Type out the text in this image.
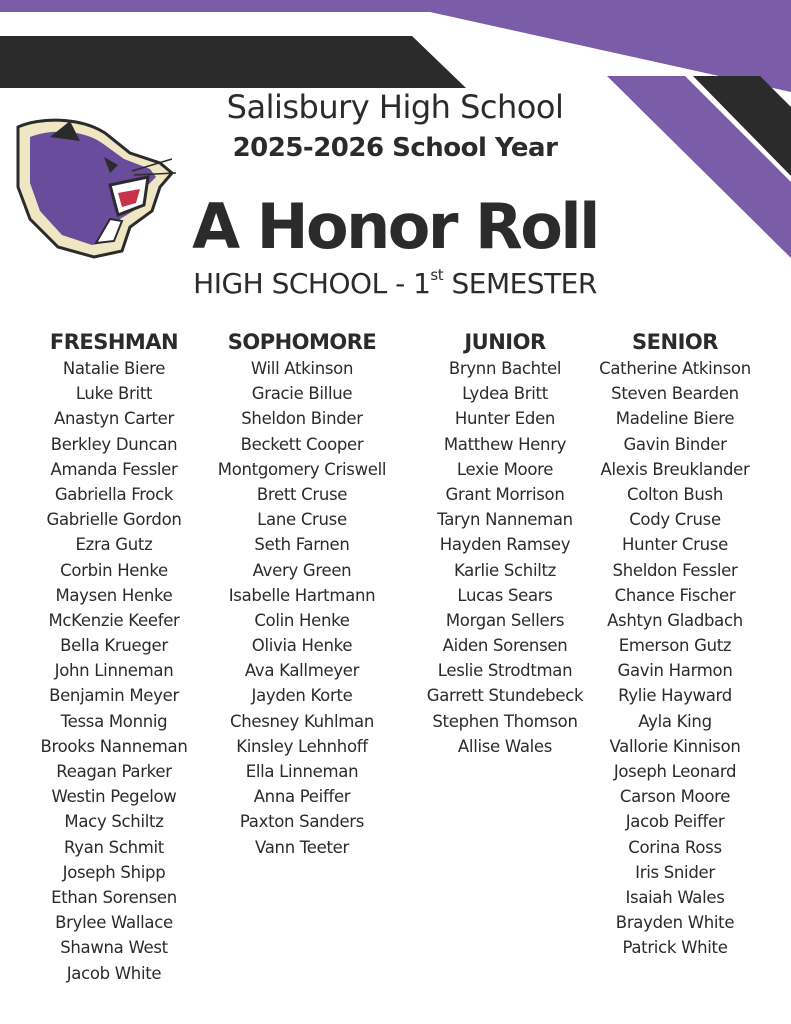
Salisbury High School
2025-2026 School Year
A Honor Roll
HIGH SCHOOL - 1st SEMESTER
FRESHMAN
Natalie Biere
Luke Britt
Anastyn Carter
Berkley Duncan
Amanda Fessler
Gabriella Frock
Gabrielle Gordon
Ezra Gutz
Corbin Henke
Maysen Henke
McKenzie Keefer
Bella Krueger
John Linneman
Benjamin Meyer
Tessa Monnig
Brooks Nanneman
Reagan Parker
Westin Pegelow
Macy Schiltz
Ryan Schmit
Joseph Shipp
Ethan Sorensen
Brylee Wallace
Shawna West
Jacob White
SOPHOMORE
Will Atkinson
Gracie Billue
Sheldon Binder
Beckett Cooper
Montgomery Criswell
Brett Cruse
Lane Cruse
Seth Farnen
Avery Green
Isabelle Hartmann
Colin Henke
Olivia Henke
Ava Kallmeyer
Jayden Korte
Chesney Kuhlman
Kinsley Lehnhoff
Ella Linneman
Anna Peiffer
Paxton Sanders
Vann Teeter
JUNIOR
Brynn Bachtel
Lydea Britt
Hunter Eden
Matthew Henry
Lexie Moore
Grant Morrison
Taryn Nanneman
Hayden Ramsey
Karlie Schiltz
Lucas Sears
Morgan Sellers
Aiden Sorensen
Leslie Strodtman
Garrett Stundebeck
Stephen Thomson
Allise Wales
SENIOR
Catherine Atkinson
Steven Bearden
Madeline Biere
Gavin Binder
Alexis Breuklander
Colton Bush
Cody Cruse
Hunter Cruse
Sheldon Fessler
Chance Fischer
Ashtyn Gladbach
Emerson Gutz
Gavin Harmon
Rylie Hayward
Ayla King
Vallorie Kinnison
Joseph Leonard
Carson Moore
Jacob Peiffer
Corina Ross
Iris Snider
Isaiah Wales
Brayden White
Patrick White
